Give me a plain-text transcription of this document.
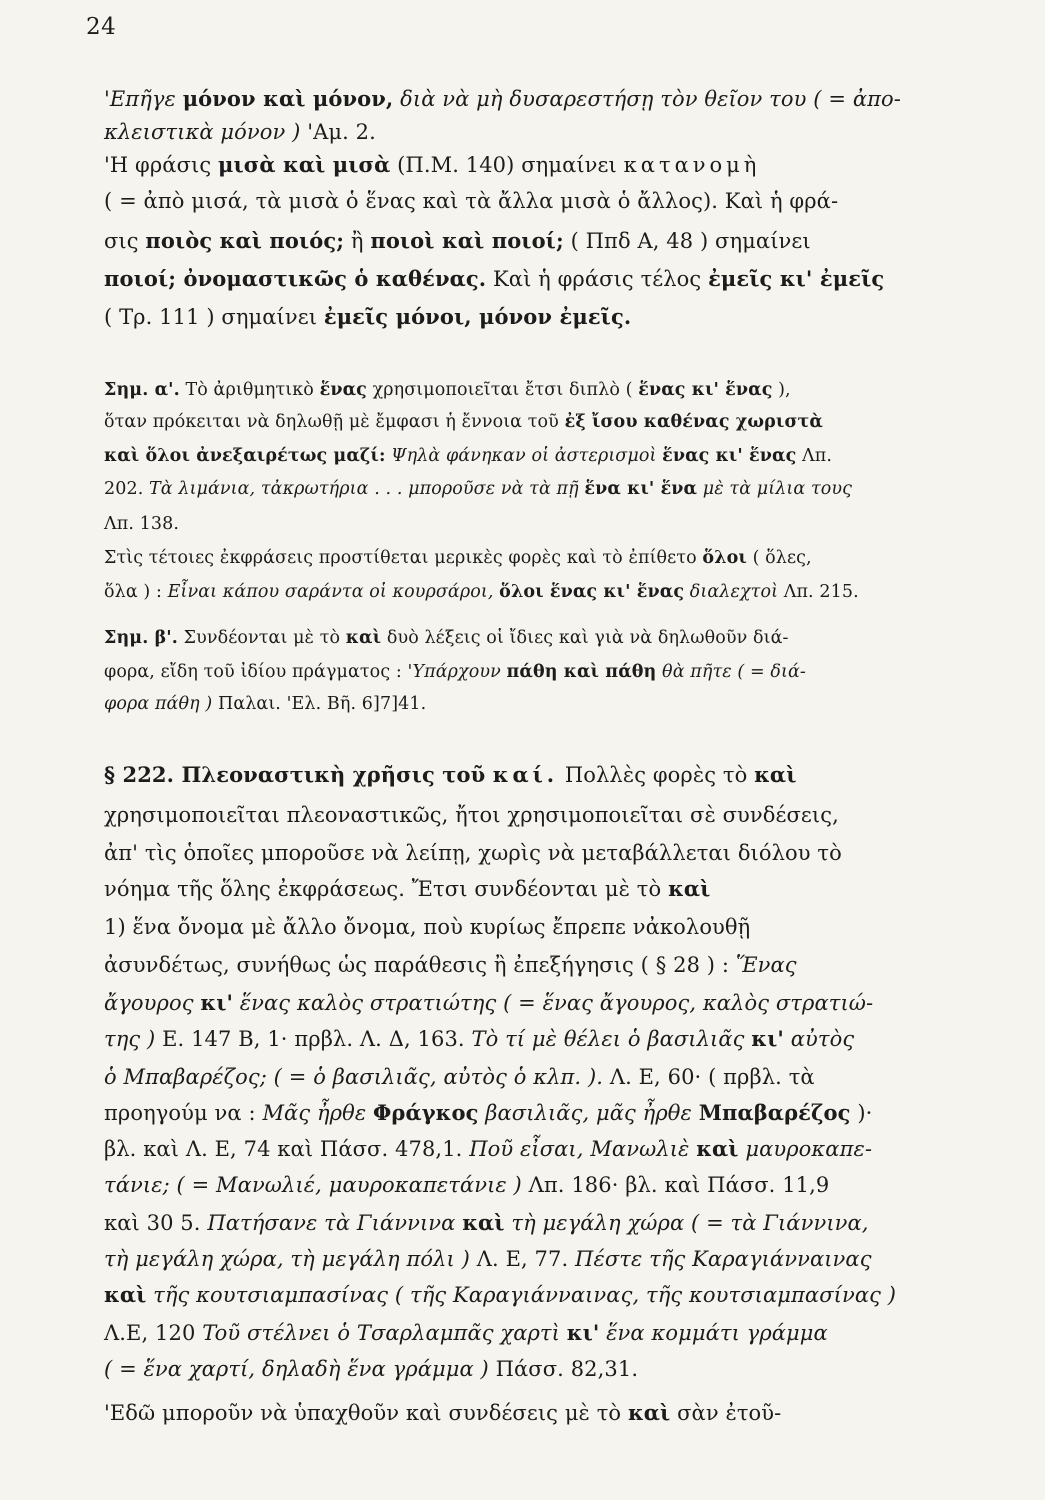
24
'Επῆγε μόνον καὶ μόνον, διὰ νὰ μὴ δυσαρεστήσῃ τὸν θεῖον του ( = ἀπο-
κλειστικὰ μόνον ) 'Aμ. 2.
'Η φράσις μισὰ καὶ μισὰ (Π.Μ. 140) σημαίνει κατανομὴ
( = ἀπὸ μισά, τὰ μισὰ ὁ ἕνας καὶ τὰ ἄλλα μισὰ ὁ ἄλλος). Καὶ ἡ φρά-
σις ποιὸς καὶ ποιός; ἢ ποιοὶ καὶ ποιοί; ( Ππδ A, 48 ) σημαίνει
ποιοί; ὀνομαστικῶς ὁ καθένας. Καὶ ἡ φράσις τέλος ἐμεῖς κι' ἐμεῖς
( Τρ. 111 ) σημαίνει ἐμεῖς μόνοι, μόνον ἐμεῖς.
Σημ. α'. Τὸ ἀριθμητικὸ ἕνας χρησιμοποιεῖται ἔτσι διπλὸ ( ἕνας κι' ἕνας ),
ὅταν πρόκειται νὰ δηλωθῇ μὲ ἔμφασι ἡ ἔννοια τοῦ ἐξ ἴσου καθένας χωριστὰ
καὶ ὅλοι ἀνεξαιρέτως μαζί: Ψηλὰ φάνηκαν οἱ ἀστερισμοὶ ἕνας κι' ἕνας Λπ.
202. Tὰ λιμάνια, τἀκρωτήρια . . . μποροῦσε νὰ τὰ πῇ ἕνα κι' ἕνα μὲ τὰ μίλια τους
Λπ. 138.
Στὶς τέτοιες ἐκφράσεις προστίθεται μερικὲς φορὲς καὶ τὸ ἐπίθετο ὅλοι ( ὅλες,
ὅλα ) : Eἶναι κάπου σαράντα οἱ κουρσάροι, ὅλοι ἕνας κι' ἕνας διαλεχτοὶ Λπ. 215.
Σημ. β'. Συνδέονται μὲ τὸ καὶ δυὸ λέξεις οἱ ἴδιες καὶ γιὰ νὰ δηλωθοῦν διά-
φορα, εἴδη τοῦ ἰδίου πράγματος : 'Υπάρχουν πάθη καὶ πάθη θὰ πῆτε ( = διά-
φορα πάθη ) Παλαι. 'Eλ. Bῆ. 6]7]41.
§ 222. Πλεοναστικὴ χρῆσις τοῦ καί. Πολλὲς φορὲς τὸ καὶ
χρησιμοποιεῖται πλεοναστικῶς, ἤτοι χρησιμοποιεῖται σὲ συνδέσεις,
ἀπ' τὶς ὁποῖες μποροῦσε νὰ λείπῃ, χωρὶς νὰ μεταβάλλεται διόλου τὸ
νόημα τῆς ὅλης ἐκφράσεως. Ἔτσι συνδέονται μὲ τὸ καὶ
1) ἕνα ὄνομα μὲ ἄλλο ὄνομα, ποὺ κυρίως ἔπρεπε νἀκολουθῇ
ἀσυνδέτως, συνήθως ὡς παράθεσις ἢ ἐπεξήγησις ( § 28 ) : Ἕνας
ἄγουρος κι' ἕνας καλὸς στρατιώτης ( = ἕνας ἄγουρος, καλὸς στρατιώ-
της ) E. 147 B, 1· πρβλ. Λ. Δ, 163. Tὸ τί μὲ θέλει ὁ βασιλιᾶς κι' αὐτὸς
ὁ Μπαβαρέζος; ( = ὁ βασιλιᾶς, αὐτὸς ὁ κλπ. ). Λ. E, 60· ( πρβλ. τὰ
προηγούμ να : Μᾶς ἦρθε Φράγκος βασιλιᾶς, μᾶς ἦρθε Μπαβαρέζος )·
βλ. καὶ Λ. E, 74 καὶ Πάσσ. 478,1. Ποῦ εἶσαι, Μανωλιὲ καὶ μαυροκαπε-
τάνιε; ( = Μανωλιέ, μαυροκαπετάνιε ) Λπ. 186· βλ. καὶ Πάσσ. 11,9
καὶ 30 5. Πατήσανε τὰ Γιάννινα καὶ τὴ μεγάλη χώρα ( = τὰ Γιάννινα,
τὴ μεγάλη χώρα, τὴ μεγάλη πόλι ) Λ. E, 77. Πέστε τῆς Καραγιάνναινας
καὶ τῆς κουτσιαμπασίνας ( τῆς Καραγιάνναινας, τῆς κουτσιαμπασίνας )
Λ.E, 120 Toῦ στέλνει ὁ Τσαρλαμπᾶς χαρτὶ κι' ἕνα κομμάτι γράμμα
( = ἕνα χαρτί, δηλαδὴ ἕνα γράμμα ) Πάσσ. 82,31.
'Eδῶ μποροῦν νὰ ὑπαχθοῦν καὶ συνδέσεις μὲ τὸ καὶ σὰν ἐτοῦ-
